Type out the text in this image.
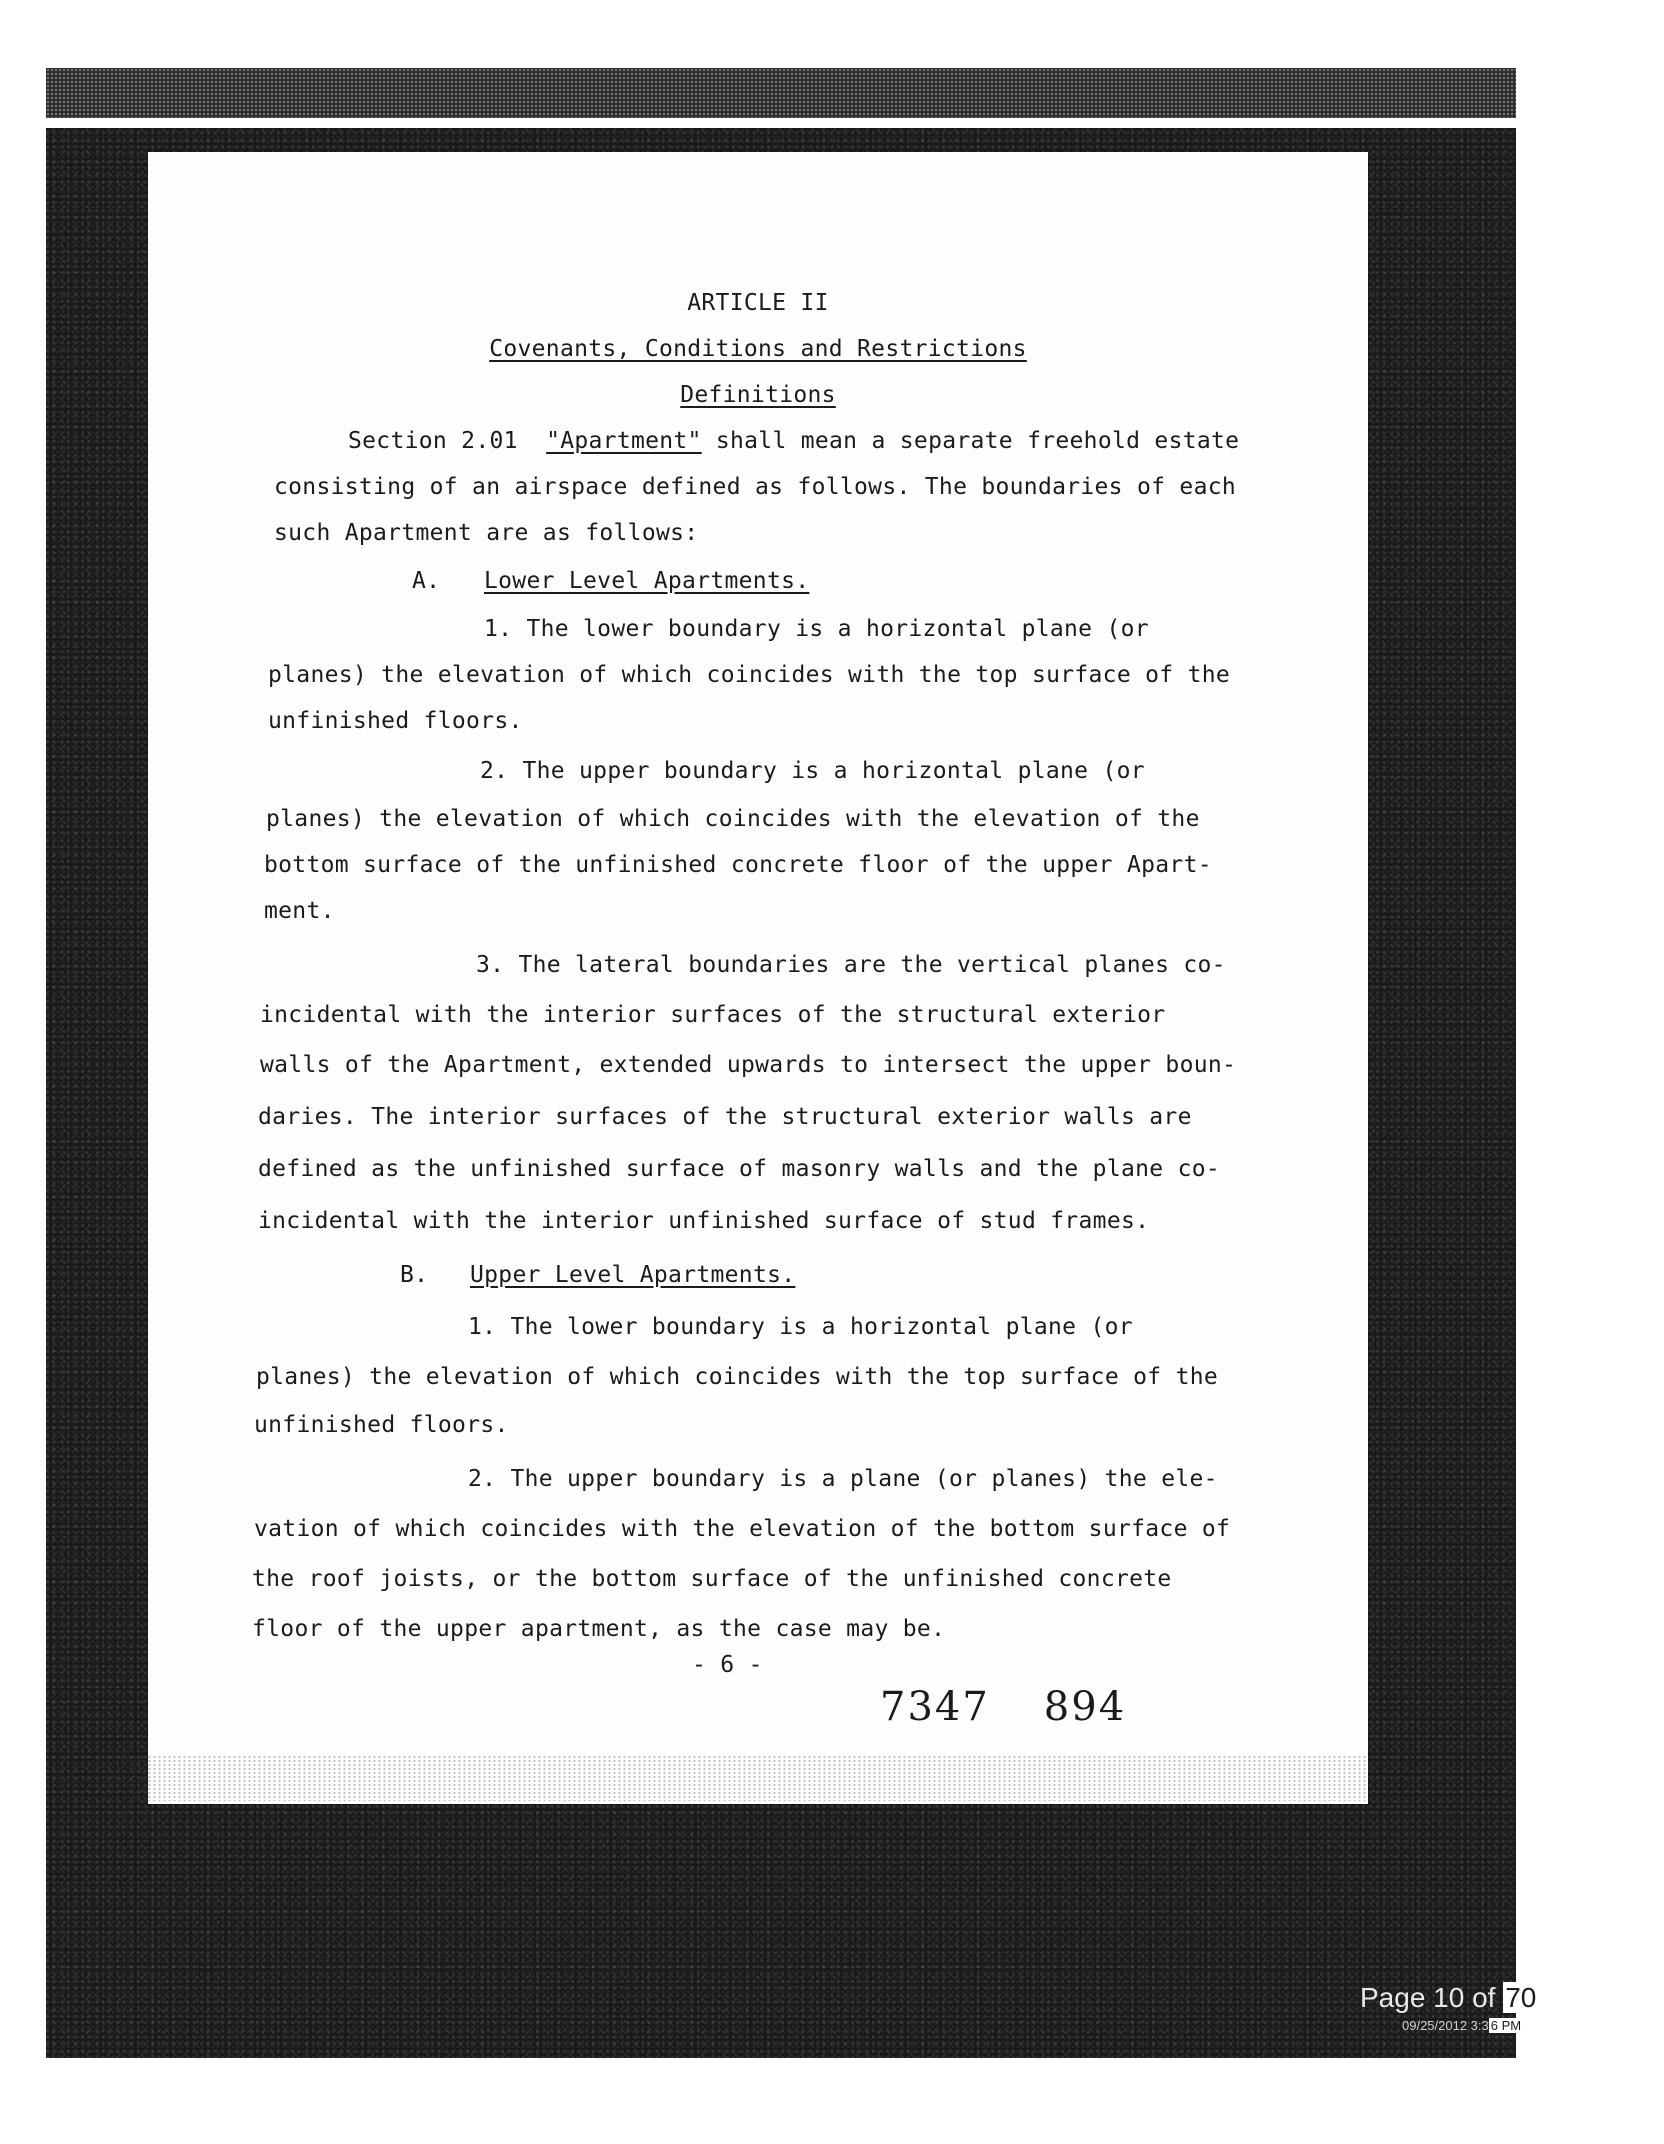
ARTICLE II
Covenants, Conditions and Restrictions
Definitions
Section 2.01 "Apartment" shall mean a separate freehold estate
consisting of an airspace defined as follows. The boundaries of each
such Apartment are as follows:
A. Lower Level Apartments.
1. The lower boundary is a horizontal plane (or
planes) the elevation of which coincides with the top surface of the
unfinished floors.
2. The upper boundary is a horizontal plane (or
planes) the elevation of which coincides with the elevation of the
bottom surface of the unfinished concrete floor of the upper Apart-
ment.
3. The lateral boundaries are the vertical planes co-
incidental with the interior surfaces of the structural exterior
walls of the Apartment, extended upwards to intersect the upper boun-
daries. The interior surfaces of the structural exterior walls are
defined as the unfinished surface of masonry walls and the plane co-
incidental with the interior unfinished surface of stud frames.
B. Upper Level Apartments.
1. The lower boundary is a horizontal plane (or
planes) the elevation of which coincides with the top surface of the
unfinished floors.
2. The upper boundary is a plane (or planes) the ele-
vation of which coincides with the elevation of the bottom surface of
the roof joists, or the bottom surface of the unfinished concrete
floor of the upper apartment, as the case may be.
- 6 -
7347 894
Page 10 of 70
09/25/2012 3:3 6 PM
